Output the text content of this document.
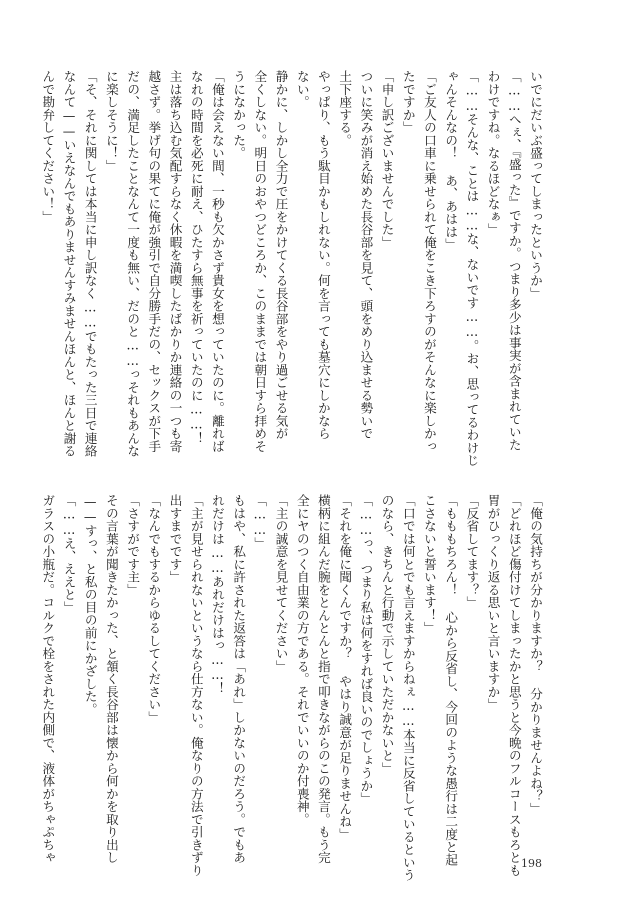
いでにだいぶ盛ってしまったというか」
「……へぇ、『盛った』ですか。つまり多少は事実が含まれていた
わけですね。なるほどなぁ」
「……そんな、ことは……な、ないです……。お、思ってるわけじ
ゃんそんなの！ あ、あはは」
「ご友人の口車に乗せられて俺をこき下ろすのがそんなに楽しかっ
たですか」
「申し訳ございませんでした」
ついに笑みが消え始めた長谷部を見て、頭をめり込ませる勢いで
土下座する。
やっぱり、もう駄目かもしれない。何を言っても墓穴にしかなら
ない。
静かに、しかし全力で圧をかけてくる長谷部をやり過ごせる気が
全くしない。明日のおやつどころか、このままでは朝日すら拝めそ
うになかった。
「俺は会えない間、一秒も欠かさず貴女を想っていたのに。離れば
なれの時間を必死に耐え、ひたすら無事を祈っていたのに……！
主は落ち込む気配すらなく休暇を満喫したばかりか連絡の一つも寄
越さず。挙げ句の果てに俺が強引で自分勝手だの、セックスが下手
だの、満足したことなんて一度も無い、だのと……っそれもあんな
に楽しそうに！」
「そ、それに関しては本当に申し訳なく……でもたった三日で連絡
なんて——いえなんでもありませんすみませんほんと、ほんと謝る
んで勘弁してください！」
「俺の気持ちが分かりますか？ 分かりませんよね？」
「どれほど傷付けてしまったかと思うと今晩のフルコースもろとも
胃がひっくり返る思いと言いますか」
「反省してます？」
「もももちろん！ 心から反省し、今回のような愚行は二度と起
こさないと誓います！」
「口では何とでも言えますからねぇ……本当に反省しているという
のなら、きちんと行動で示していただかないと」
「……っ、つまり私は何をすれば良いのでしょうか」
「それを俺に聞くんですか？ やはり誠意が足りませんね」
横柄に組んだ腕をとんとんと指で叩きながらのこの発言。もう完
全にヤのつく自由業の方である。それでいいのか付喪神。
「主の誠意を見せてください」
「……」
もはや、私に許された返答は「あれ」しかないのだろう。でもあ
れだけは……あれだけはっ……！
「主が見せられないというなら仕方ない。俺なりの方法で引きずり
出すまでです」
「なんでもするからゆるしてください」
「さすがです主」
その言葉が聞きたかった、と頷く長谷部は懐から何かを取り出し
——すっ、と私の目の前にかざした。
「……え、ええと」
ガラスの小瓶だ。コルクで栓をされた内側で、液体がちゃぷちゃ	198
